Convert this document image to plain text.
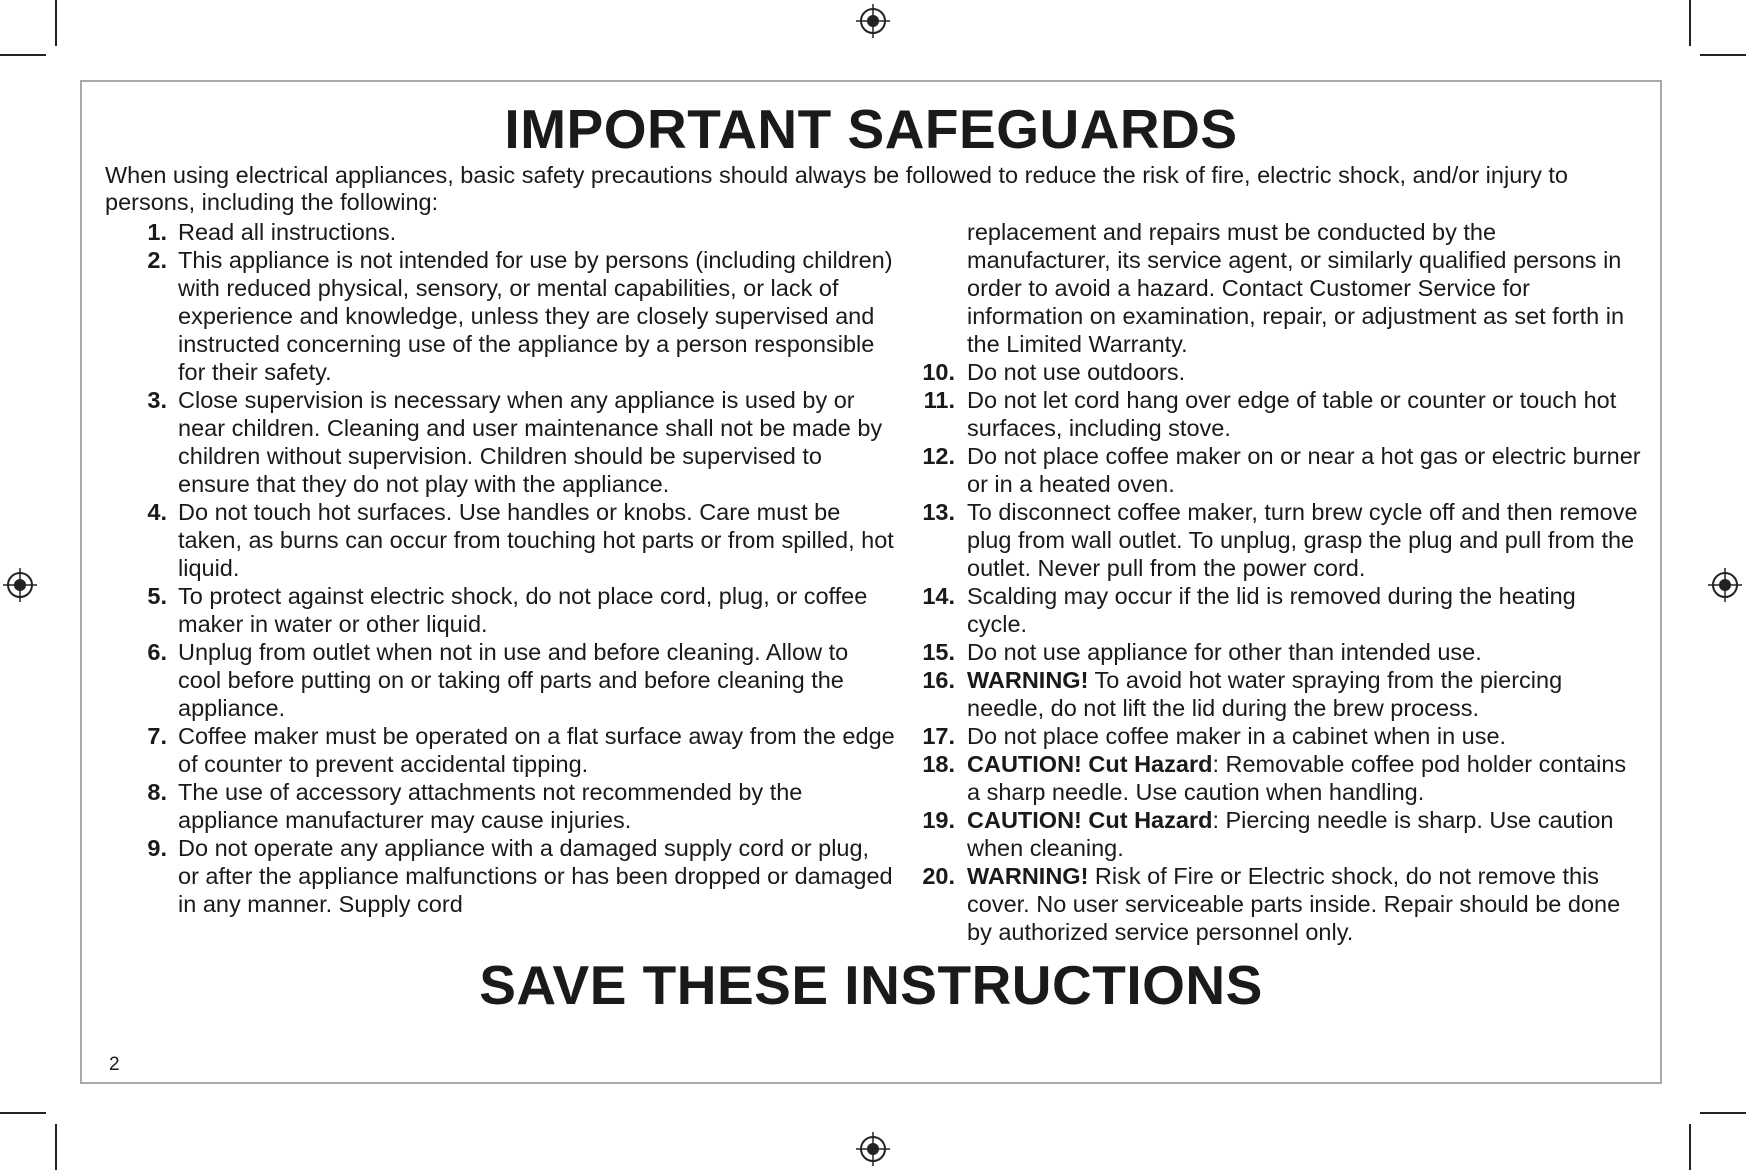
IMPORTANT SAFEGUARDS

When using electrical appliances, basic safety precautions should always be followed to reduce the risk of fire, electric shock, and/or injury to persons, including the following:

1. Read all instructions.
2. This appliance is not intended for use by persons (including children) with reduced physical, sensory, or mental capabilities, or lack of experience and knowledge, unless they are closely supervised and instructed concerning use of the appliance by a person responsible for their safety.
3. Close supervision is necessary when any appliance is used by or near children. Cleaning and user maintenance shall not be made by children without supervision. Children should be supervised to ensure that they do not play with the appliance.
4. Do not touch hot surfaces. Use handles or knobs. Care must be taken, as burns can occur from touching hot parts or from spilled, hot liquid.
5. To protect against electric shock, do not place cord, plug, or coffee maker in water or other liquid.
6. Unplug from outlet when not in use and before cleaning. Allow to cool before putting on or taking off parts and before cleaning the appliance.
7. Coffee maker must be operated on a flat surface away from the edge of counter to prevent accidental tipping.
8. The use of accessory attachments not recommended by the appliance manufacturer may cause injuries.
9. Do not operate any appliance with a damaged supply cord or plug, or after the appliance malfunctions or has been dropped or damaged in any manner. Supply cord
replacement and repairs must be conducted by the manufacturer, its service agent, or similarly qualified persons in order to avoid a hazard. Contact Customer Service for information on examination, repair, or adjustment as set forth in the Limited Warranty.
10. Do not use outdoors.
11. Do not let cord hang over edge of table or counter or touch hot surfaces, including stove.
12. Do not place coffee maker on or near a hot gas or electric burner or in a heated oven.
13. To disconnect coffee maker, turn brew cycle off and then remove plug from wall outlet. To unplug, grasp the plug and pull from the outlet. Never pull from the power cord.
14. Scalding may occur if the lid is removed during the heating cycle.
15. Do not use appliance for other than intended use.
16. WARNING! To avoid hot water spraying from the piercing needle, do not lift the lid during the brew process.
17. Do not place coffee maker in a cabinet when in use.
18. CAUTION! Cut Hazard: Removable coffee pod holder contains a sharp needle. Use caution when handling.
19. CAUTION! Cut Hazard: Piercing needle is sharp. Use caution when cleaning.
20. WARNING! Risk of Fire or Electric shock, do not remove this cover. No user serviceable parts inside. Repair should be done by authorized service personnel only.
SAVE THESE INSTRUCTIONS
2
